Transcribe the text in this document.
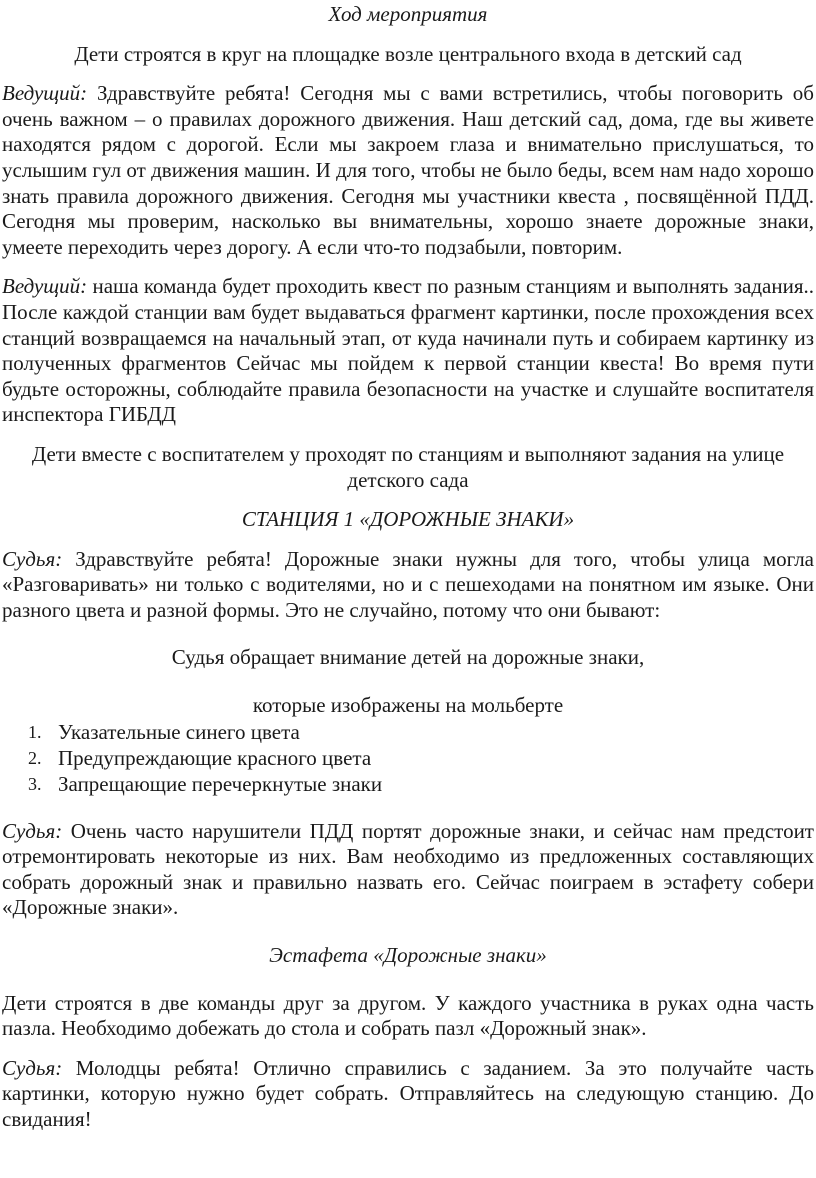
Ход мероприятия

Дети строятся в круг на площадке возле центрального входа в детский сад

Ведущий: Здравствуйте ребята! Сегодня мы с вами встретились, чтобы поговорить об очень важном – о правилах дорожного движения. Наш детский сад, дома, где вы живете находятся рядом с дорогой. Если мы закроем глаза и внимательно прислушаться, то услышим гул от движения машин. И для того, чтобы не было беды, всем нам надо хорошо знать правила дорожного движения. Сегодня мы участники квеста , посвящённой ПДД. Сегодня мы проверим, насколько вы внимательны, хорошо знаете дорожные знаки, умеете переходить через дорогу. А если что-то подзабыли, повторим.

Ведущий: наша команда будет проходить квест по разным станциям и выполнять задания.. После каждой станции вам будет выдаваться фрагмент картинки, после прохождения всех станций возвращаемся на начальный этап, от куда начинали путь и собираем картинку из полученных фрагментов Сейчас мы пойдем к первой станции квеста! Во время пути будьте осторожны, соблюдайте правила безопасности на участке и слушайте воспитателя инспектора ГИБДД

Дети вместе с воспитателем у проходят по станциям и выполняют задания на улице детского сада

СТАНЦИЯ 1 «ДОРОЖНЫЕ ЗНАКИ»

Судья: Здравствуйте ребята! Дорожные знаки нужны для того, чтобы улица могла «Разговаривать» ни только с водителями, но и с пешеходами на понятном им языке. Они разного цвета и разной формы. Это не случайно, потому что они бывают:

Судья обращает внимание детей на дорожные знаки,

которые изображены на мольберте

1. Указательные синего цвета
2. Предупреждающие красного цвета
3. Запрещающие перечеркнутые знаки

Судья: Очень часто нарушители ПДД портят дорожные знаки, и сейчас нам предстоит отремонтировать некоторые из них. Вам необходимо из предложенных составляющих собрать дорожный знак и правильно назвать его. Сейчас поиграем в эстафету собери «Дорожные знаки».

Эстафета «Дорожные знаки»

Дети строятся в две команды друг за другом. У каждого участника в руках одна часть пазла. Необходимо добежать до стола и собрать пазл «Дорожный знак».

Судья: Молодцы ребята! Отлично справились с заданием. За это получайте часть картинки, которую нужно будет собрать. Отправляйтесь на следующую станцию. До свидания!
